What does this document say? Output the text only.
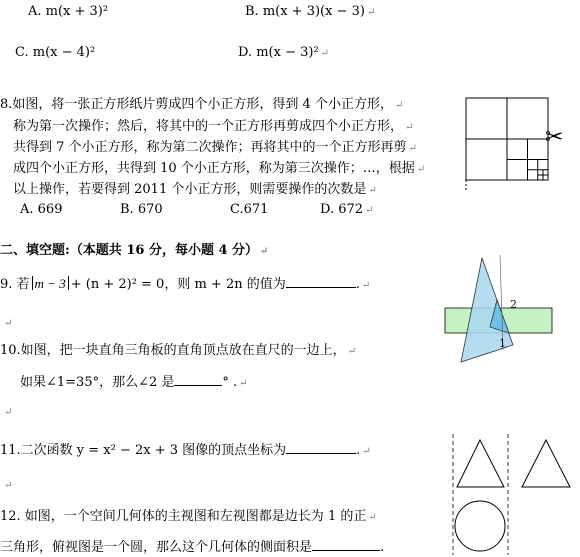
A. m(x + 3)²	B. m(x + 3)(x − 3) ↵
C. m(x − 4)²	D. m(x − 3)² ↵
8.如图，将一张正方形纸片剪成四个小正方形，得到 4 个小正方形， ↵
称为第一次操作；然后，将其中的一个正方形再剪成四个小正方形， ↵
共得到 7 个小正方形，称为第二次操作；再将其中的一个正方形再剪 ↵
成四个小正方形，共得到 10 个小正方形，称为第三次操作；…，根据 ↵
以上操作，若要得到 2011 个小正方形，则需要操作的次数是 ↵
A. 669	B. 670	C.671	D. 672 ↵
✂
二、填空题:（本题共 16 分，每小题 4 分） ↵
9. 若 m − 3 + (n + 2)² = 0，则 m + 2n 的值为	. ↵
2
1
↵
10.如图，把一块直角三角板的直角顶点放在直尺的一边上， ↵
如果∠1=35°，那么∠2 是	° . ↵
↵
11.二次函数 y = x² − 2x + 3 图像的顶点坐标为	. ↵
↵
12. 如图，一个空间几何体的主视图和左视图都是边长为 1 的正 ↵
三角形，俯视图是一个圆，那么这个几何体的侧面积是	.
